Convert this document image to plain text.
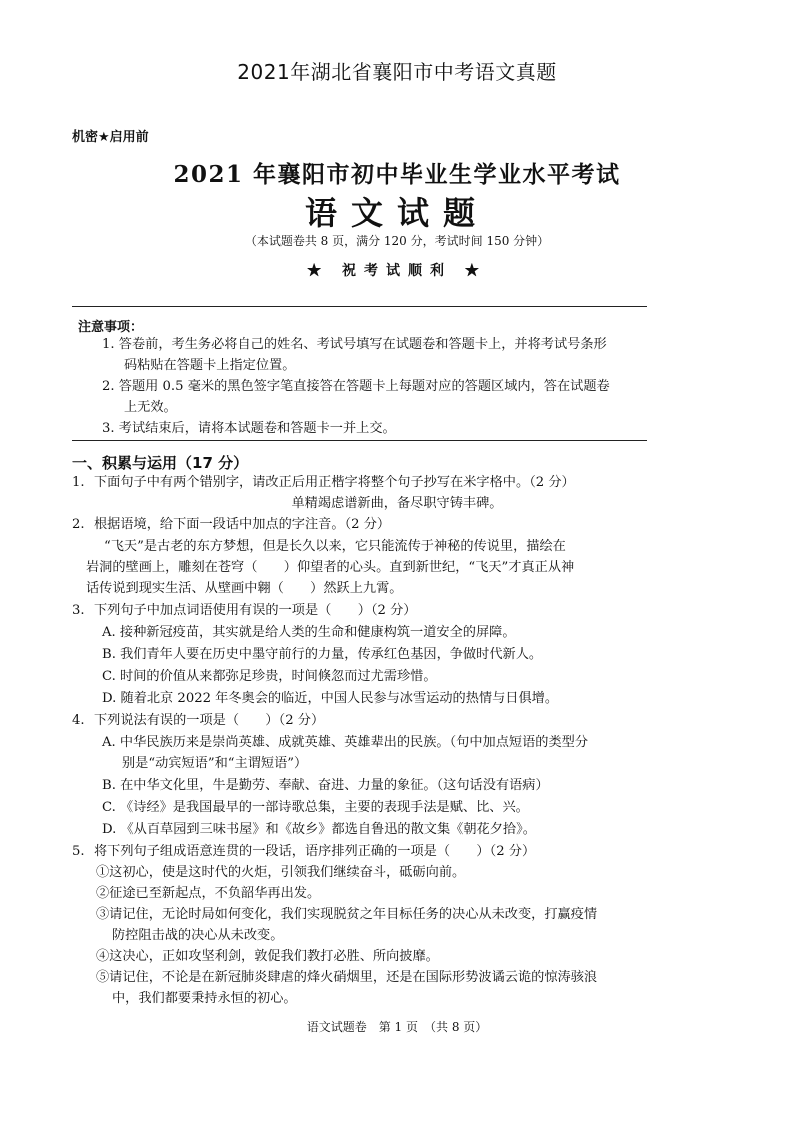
2021年湖北省襄阳市中考语文真题
机密★启用前
2021 年襄阳市初中毕业生学业水平考试
语文试题
（本试题卷共 8 页，满分 120 分，考试时间 150 分钟）
★ 祝考试顺利 ★
注意事项：
1. 答卷前，考生务必将自己的姓名、考试号填写在试题卷和答题卡上，并将考试号条形
码粘贴在答题卡上指定位置。
2. 答题用 0.5 毫米的黑色签字笔直接答在答题卡上每题对应的答题区域内，答在试题卷
上无效。
3. 考试结束后，请将本试题卷和答题卡一并上交。
一、积累与运用（17 分）
1. 下面句子中有两个错别字，请改正后用正楷字将整个句子抄写在米字格中。（2 分）
单精竭虑谱新曲，备尽职守铸丰碑。
2. 根据语境，给下面一段话中加点的字注音。（2 分）
“飞天”是古老的东方梦想，但是长久以来，它只能流传于神秘的传说里，描绘在
岩洞的壁画上，雕刻在苍穹（　　）仰望者的心头。直到新世纪，“飞天”才真正从神
话传说到现实生活、从壁画中翱（　　）然跃上九霄。
3. 下列句子中加点词语使用有误的一项是（　　）（2 分）
A. 接种新冠疫苗，其实就是给人类的生命和健康构筑一道安全的屏障。
B. 我们青年人要在历史中墨守前行的力量，传承红色基因，争做时代新人。
C. 时间的价值从来都弥足珍贵，时间倏忽而过尤需珍惜。
D. 随着北京 2022 年冬奥会的临近，中国人民参与冰雪运动的热情与日俱增。
4. 下列说法有误的一项是（　　）（2 分）
A. 中华民族历来是崇尚英雄、成就英雄、英雄辈出的民族。（句中加点短语的类型分
别是“动宾短语”和“主谓短语”）
B. 在中华文化里，牛是勤劳、奉献、奋进、力量的象征。（这句话没有语病）
C. 《诗经》是我国最早的一部诗歌总集，主要的表现手法是赋、比、兴。
D. 《从百草园到三味书屋》和《故乡》都选自鲁迅的散文集《朝花夕拾》。
5. 将下列句子组成语意连贯的一段话，语序排列正确的一项是（　　）（2 分）
①这初心，使是这时代的火炬，引领我们继续奋斗，砥砺向前。
②征途已至新起点，不负韶华再出发。
③请记住，无论时局如何变化，我们实现脱贫之年目标任务的决心从未改变，打赢疫情
防控阻击战的决心从未改变。
④这决心，正如攻坚利剑，敦促我们教打必胜、所向披靡。
⑤请记住，不论是在新冠肺炎肆虐的烽火硝烟里，还是在国际形势波谲云诡的惊涛骇浪
中，我们都要秉持永恒的初心。
语文试题卷　第 1 页　（共 8 页）
